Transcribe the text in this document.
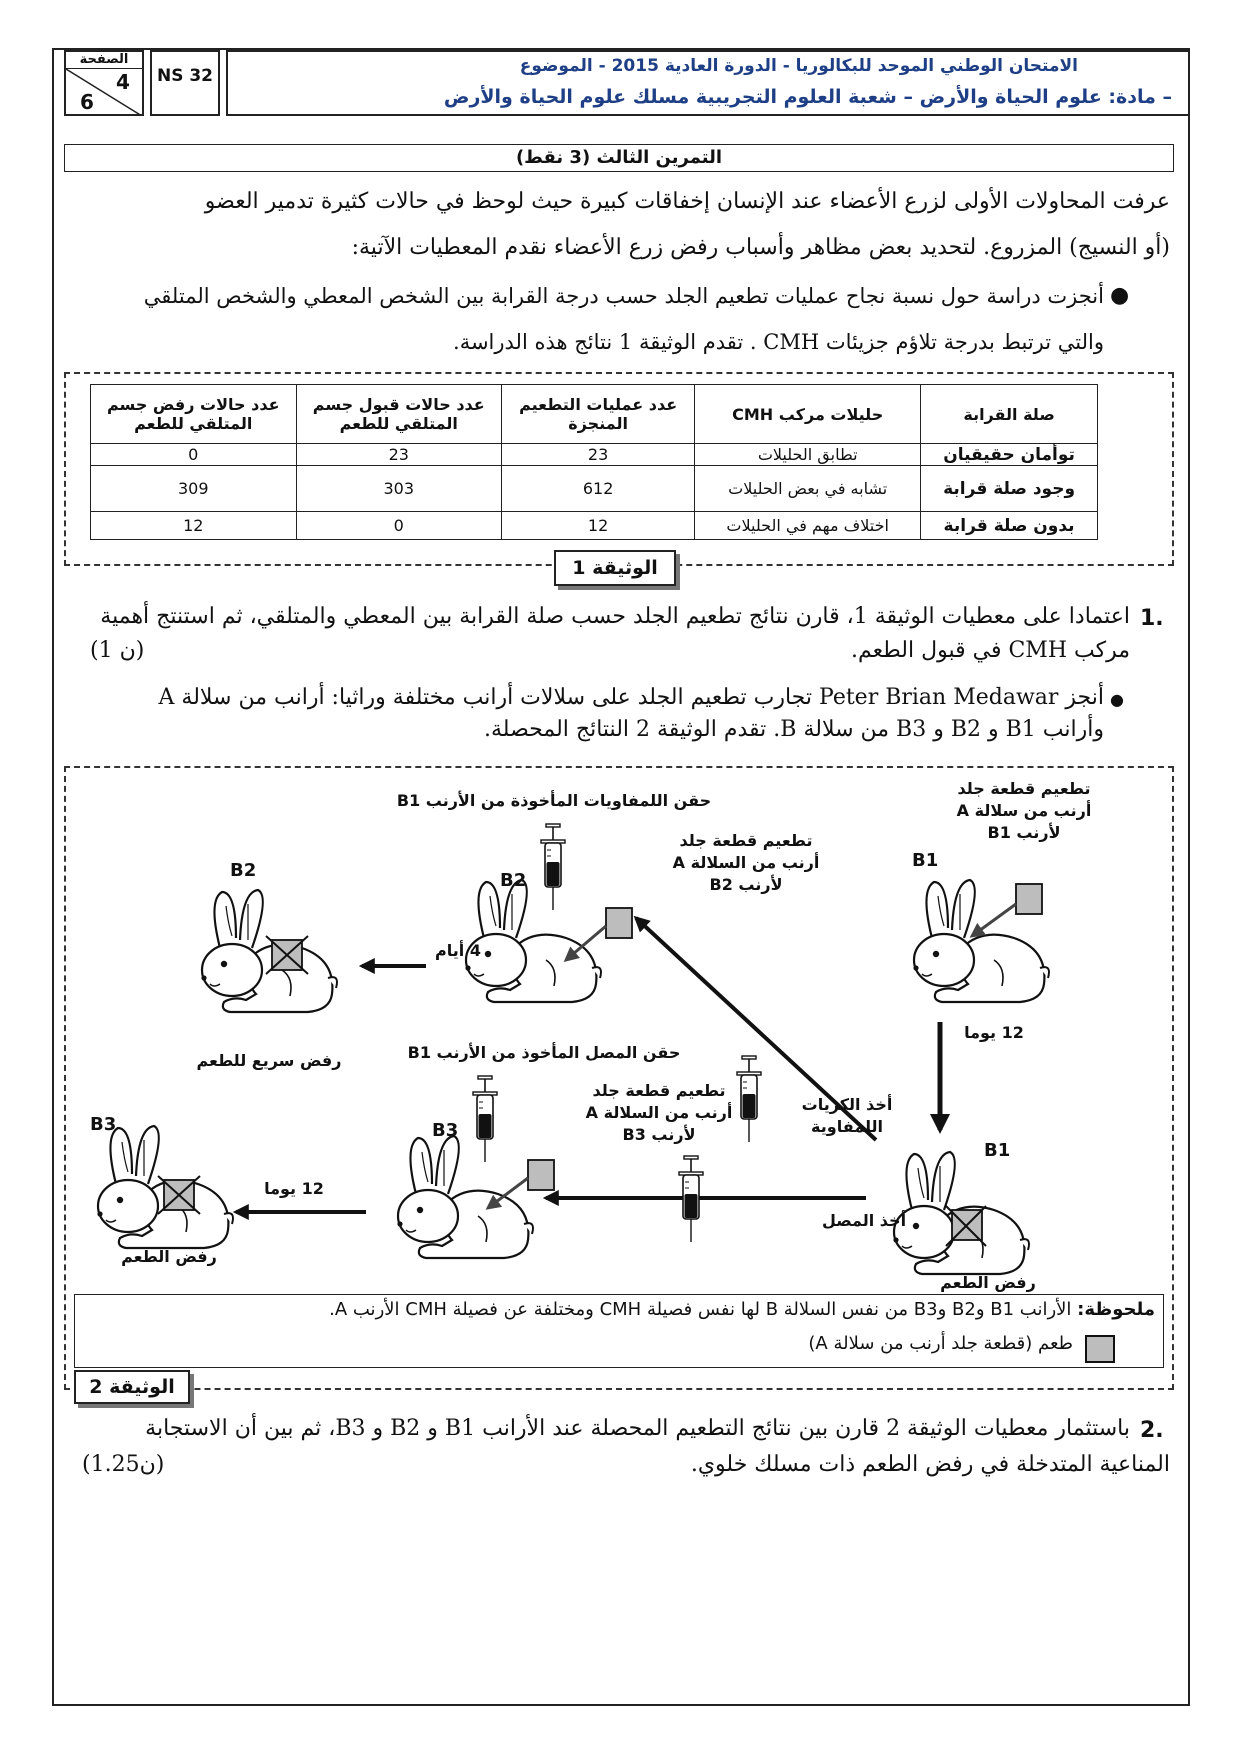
الصفحة
4
6
NS 32	الامتحان الوطني الموحد للبكالوريا - الدورة العادية 2015 - الموضوع
– مادة: علوم الحياة والأرض – شعبة العلوم التجريبية مسلك علوم الحياة والأرض
التمرين الثالث (3 نقط)
عرفت المحاولات الأولى لزرع الأعضاء عند الإنسان إخفاقات كبيرة حيث لوحظ في حالات كثيرة تدمير العضو
(أو النسيج) المزروع. لتحديد بعض مظاهر وأسباب رفض زرع الأعضاء نقدم المعطيات الآتية:
●
أنجزت دراسة حول نسبة نجاح عمليات تطعيم الجلد حسب درجة القرابة بين الشخص المعطي والشخص المتلقي
والتي ترتبط بدرجة تلاؤم جزيئات CMH . تقدم الوثيقة 1 نتائج هذه الدراسة.
صلة القرابة	حليلات مركب CMH	عدد عمليات التطعيم المنجزة	عدد حالات قبول جسم المتلقي للطعم	عدد حالات رفض جسم المتلقي للطعم
توأمان حقيقيان	تطابق الحليلات	23	23	0
وجود صلة قرابة	تشابه في بعض الحليلات	612	303	309
بدون صلة قرابة	اختلاف مهم في الحليلات	12	0	12
الوثيقة 1
1.
اعتمادا على معطيات الوثيقة 1، قارن نتائج تطعيم الجلد حسب صلة القرابة بين المعطي والمتلقي، ثم استنتج أهمية
مركب CMH في قبول الطعم.
(1 ن)
●
أنجز Peter Brian Medawar تجارب تطعيم الجلد على سلالات أرانب مختلفة وراثيا: أرانب من سلالة A
وأرانب B1 و B2 و B3 من سلالة B. تقدم الوثيقة 2 النتائج المحصلة.
تطعيم قطعة جلد أرنب من سلالة A لأرنب B1
B1
12 يوما
أخذ الكريات اللمفاوية
B1
رفض الطعم
أخذ المصل
حقن اللمفاويات المأخوذة من الأرنب B1
تطعيم قطعة جلد أرنب من السلالة A لأرنب B2
B2
4 أيام
B2
رفض سريع للطعم	حقن المصل المأخوذ من الأرنب B1
تطعيم قطعة جلد أرنب من السلالة A لأرنب B3
B3
12 يوما
B3
رفض الطعم
ملحوظة: الأرانب B1 وB2 وB3 من نفس السلالة B لها نفس فصيلة CMH ومختلفة عن فصيلة CMH الأرنب A.
طعم (قطعة جلد أرنب من سلالة A)
الوثيقة 2
2.
باستثمار معطيات الوثيقة 2 قارن بين نتائج التطعيم المحصلة عند الأرانب B1 و B2 و B3، ثم بين أن الاستجابة
المناعية المتدخلة في رفض الطعم ذات مسلك خلوي.
(1.25ن)
